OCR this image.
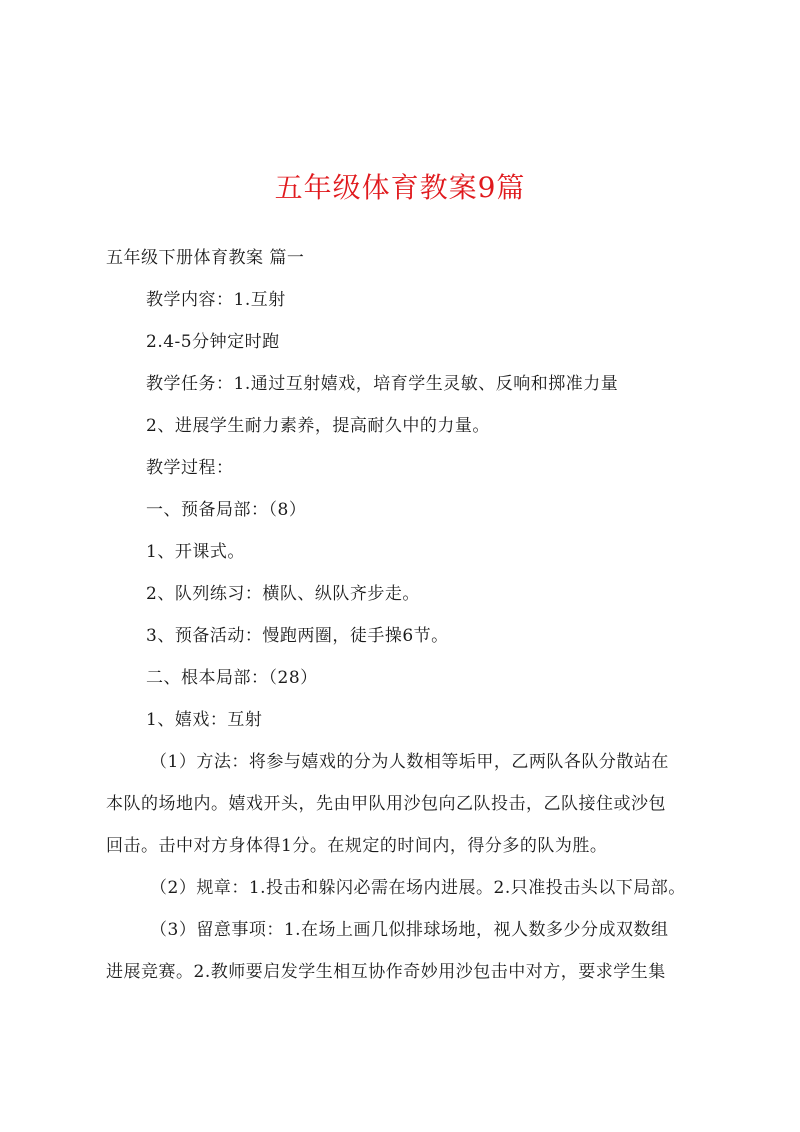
五年级体育教案9篇
五年级下册体育教案 篇一
教学内容：1.互射
2.4-5分钟定时跑
教学任务：1.通过互射嬉戏，培育学生灵敏、反响和掷准力量
2、进展学生耐力素养，提高耐久中的力量。
教学过程：
一、预备局部：（8）
1、开课式。
2、队列练习：横队、纵队齐步走。
3、预备活动：慢跑两圈，徒手操6节。
二、根本局部：（28）
1、嬉戏：互射
（1）方法：将参与嬉戏的分为人数相等垢甲，乙两队各队分散站在
本队的场地内。嬉戏开头，先由甲队用沙包向乙队投击，乙队接住或沙包
回击。击中对方身体得1分。在规定的时间内，得分多的队为胜。
（2）规章：1.投击和躲闪必需在场内进展。2.只准投击头以下局部。
（3）留意事项：1.在场上画几似排球场地，视人数多少分成双数组
进展竞赛。2.教师要启发学生相互协作奇妙用沙包击中对方，要求学生集
